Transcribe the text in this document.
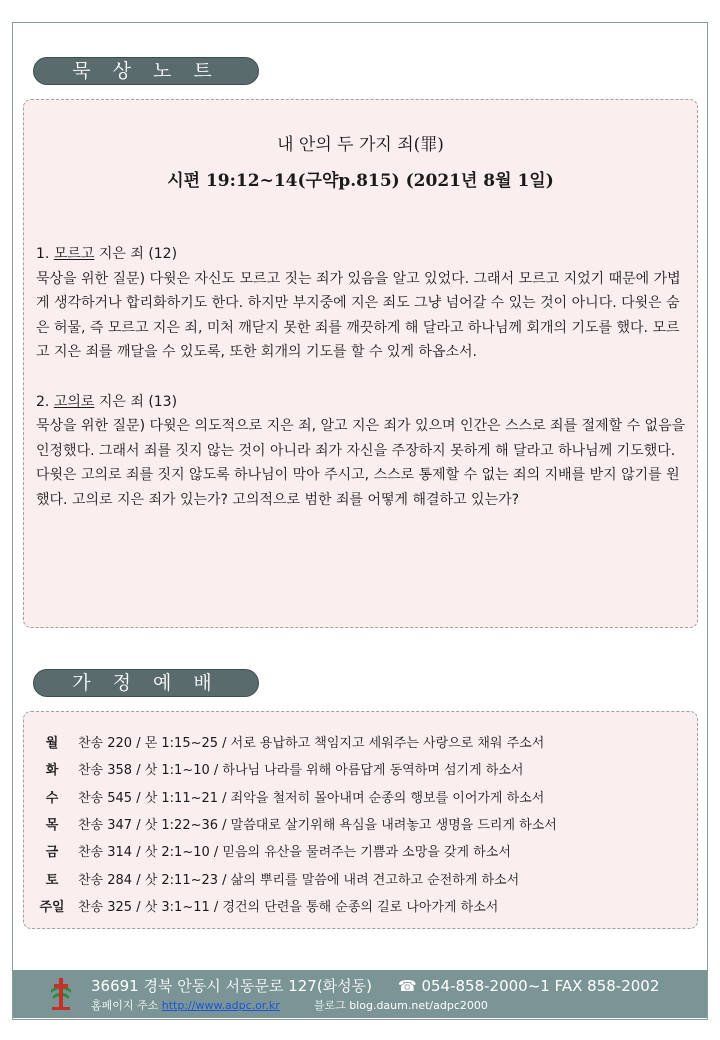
묵 상 노 트
내 안의 두 가지 죄(罪)
시편 19:12~14(구약p.815) (2021년 8월 1일)

1. 모르고 지은 죄 (12)

묵상을 위한 질문) 다윗은 자신도 모르고 짓는 죄가 있음을 알고 있었다. 그래서 모르고 지었기 때문에 가볍게 생각하거나 합리화하기도 한다. 하지만 부지중에 지은 죄도 그냥 넘어갈 수 있는 것이 아니다. 다윗은 숨은 허물, 즉 모르고 지은 죄, 미처 깨닫지 못한 죄를 깨끗하게 해 달라고 하나님께 회개의 기도를 했다. 모르고 지은 죄를 깨달을 수 있도록, 또한 회개의 기도를 할 수 있게 하옵소서.

2. 고의로 지은 죄 (13)

묵상을 위한 질문) 다윗은 의도적으로 지은 죄, 알고 지은 죄가 있으며 인간은 스스로 죄를 절제할 수 없음을 인정했다. 그래서 죄를 짓지 않는 것이 아니라 죄가 자신을 주장하지 못하게 해 달라고 하나님께 기도했다. 다윗은 고의로 죄를 짓지 않도록 하나님이 막아 주시고, 스스로 통제할 수 없는 죄의 지배를 받지 않기를 원했다. 고의로 지은 죄가 있는가? 고의적으로 범한 죄를 어떻게 해결하고 있는가?

가 정 예 배
월	찬송 220 / 몬 1:15~25 / 서로 용납하고 책임지고 세워주는 사랑으로 채워 주소서
화	찬송 358 / 삿 1:1~10 / 하나님 나라를 위해 아름답게 동역하며 섬기게 하소서
수	찬송 545 / 삿 1:11~21 / 죄악을 철저히 몰아내며 순종의 행보를 이어가게 하소서
목	찬송 347 / 삿 1:22~36 / 말씀대로 살기위해 욕심을 내려놓고 생명을 드리게 하소서
금	찬송 314 / 삿 2:1~10 / 믿음의 유산을 물려주는 기쁨과 소망을 갖게 하소서
토	찬송 284 / 삿 2:11~23 / 삶의 뿌리를 말씀에 내려 견고하고 순전하게 하소서
주일 찬송 325 / 삿 3:1~11 / 경건의 단련을 통해 순종의 길로 나아가게 하소서
36691 경북 안동시 서동문로 127(화성동) ☎ 054-858-2000~1 FAX 858-2002
홈페이지 주소 http://www.adpc.or.kr	블로그 blog.daum.net/adpc2000
